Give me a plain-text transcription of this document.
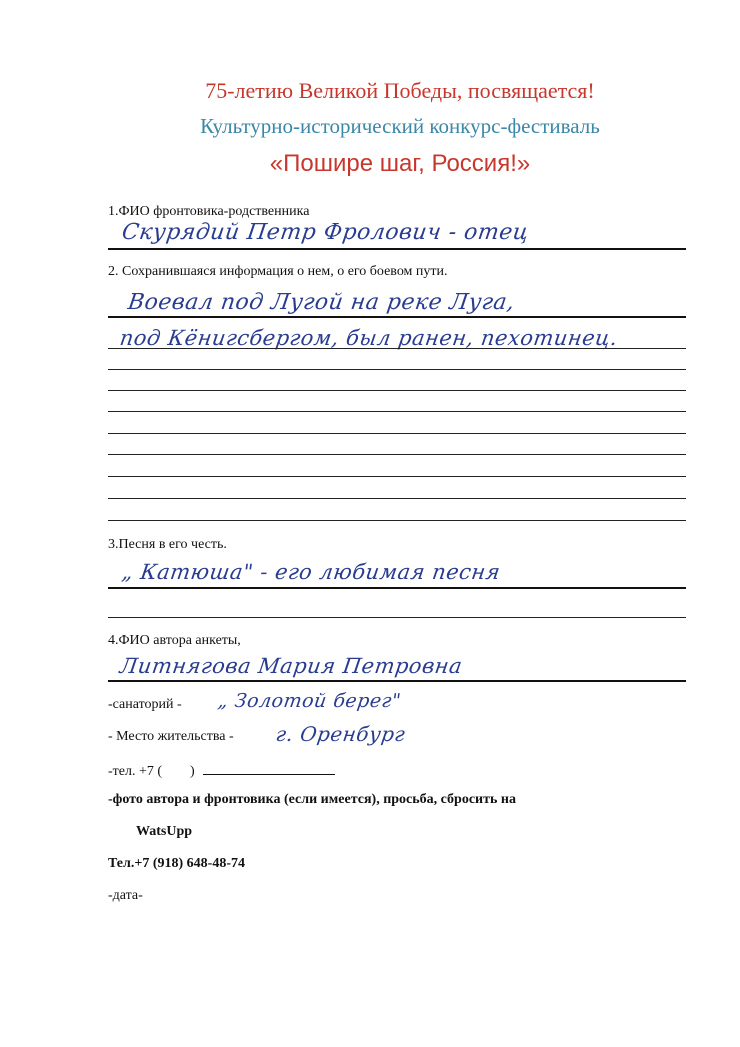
75-летию Великой Победы, посвящается!
Культурно-исторический конкурс-фестиваль
«Пошире шаг, Россия!»
1.ФИО фронтовика-родственника
Скурядий Петр Фролович - отец
2. Сохранившаяся информация о нем, о его боевом пути.
Воевал под Лугой на реке Луга,
под Кёнигсбергом, был ранен, пехотинец.
3.Песня в его честь.
„ Катюша" - его любимая песня
4.ФИО автора анкеты,
Литнягова Мария Петровна
-санаторий - „ Золотой берег"
- Место жительства - г. Оренбург
-тел. +7 (        )
-фото автора и фронтовика (если имеется), просьба, сбросить на
WatsUpp
Тел.+7 (918) 648-48-74
-дата-
